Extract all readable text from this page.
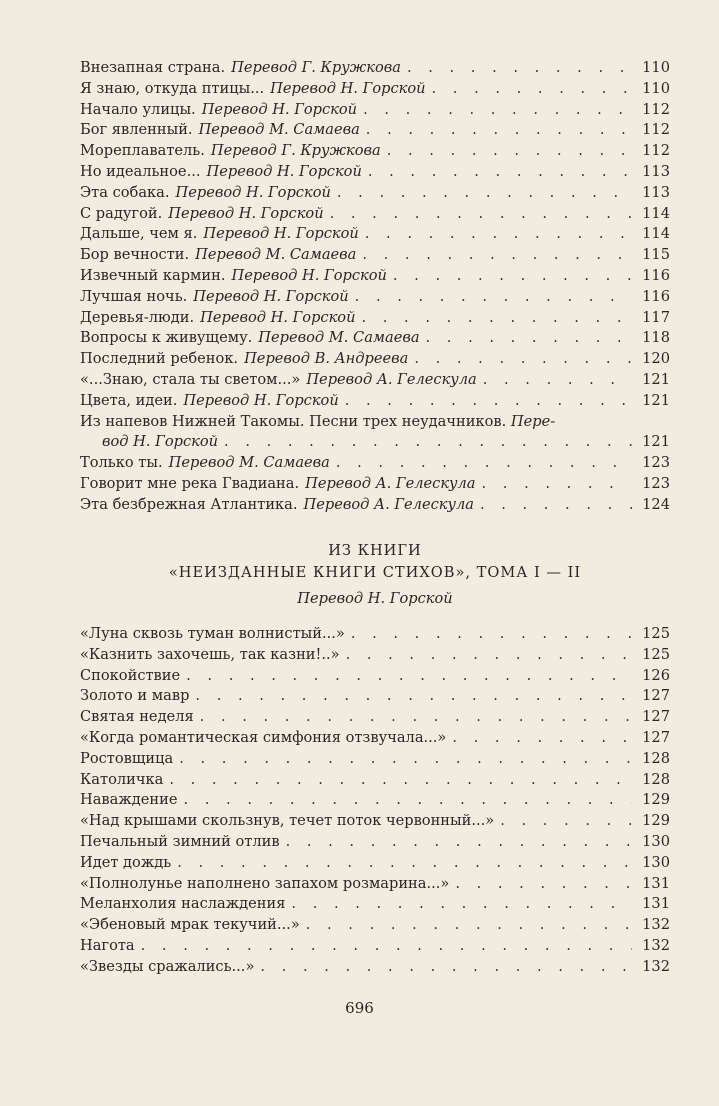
Внезапная страна. Перевод Г. Кружкова . . .	110
Я знаю, откуда птицы... Перевод Н. Горской . . .	110
Начало улицы. Перевод Н. Горской . . .	112
Бог явленный. Перевод М. Самаева . . .	112
Мореплаватель. Перевод Г. Кружкова . . .	112
Но идеальное... Перевод Н. Горской . . .	113
Эта собака. Перевод Н. Горской . . .	113
С радугой. Перевод Н. Горской . . .	114
Дальше, чем я. Перевод Н. Горской . . .	114
Бор вечности. Перевод М. Самаева . . .	115
Извечный кармин. Перевод Н. Горской . . .	116
Лучшая ночь. Перевод Н. Горской . . .	116
Деревья-люди. Перевод Н. Горской . . .	117
Вопросы к живущему. Перевод М. Самаева . . .	118
Последний ребенок. Перевод В. Андреева . . .	120
«...Знаю, стала ты светом...» Перевод А. Гелескула . . .	121
Цвета, идеи. Перевод Н. Горской . . .	121
Из напевов Нижней Такомы. Песни трех неудачников. Пере-
вод Н. Горской . . .	121
Только ты. Перевод М. Самаева . . .	123
Говорит мне река Гвадиана. Перевод А. Гелескула . . .	123
Эта безбрежная Атлантика. Перевод А. Гелескула . . .	124
ИЗ КНИГИ
«НЕИЗДАННЫЕ КНИГИ СТИХОВ», ТОМА I — II
Перевод Н. Горской
«Луна сквозь туман волнистый...» . . .	125
«Казнить захочешь, так казни!..» . . .	125
Спокойствие . . .	126
Золото и мавр . . .	127
Святая неделя . . .	127
«Когда романтическая симфония отзвучала...» . . .	127
Ростовщица . . .	128
Католичка . . .	128
Наваждение . . .	129
«Над крышами скользнув, течет поток червонный...» . . .	129
Печальный зимний отлив . . .	130
Идет дождь . . .	130
«Полнолунье наполнено запахом розмарина...» . . .	131
Меланхолия наслаждения . . .	131
«Эбеновый мрак текучий...» . . .	132
Нагота . . .	132
«Звезды сражались...» . . .	132
696
